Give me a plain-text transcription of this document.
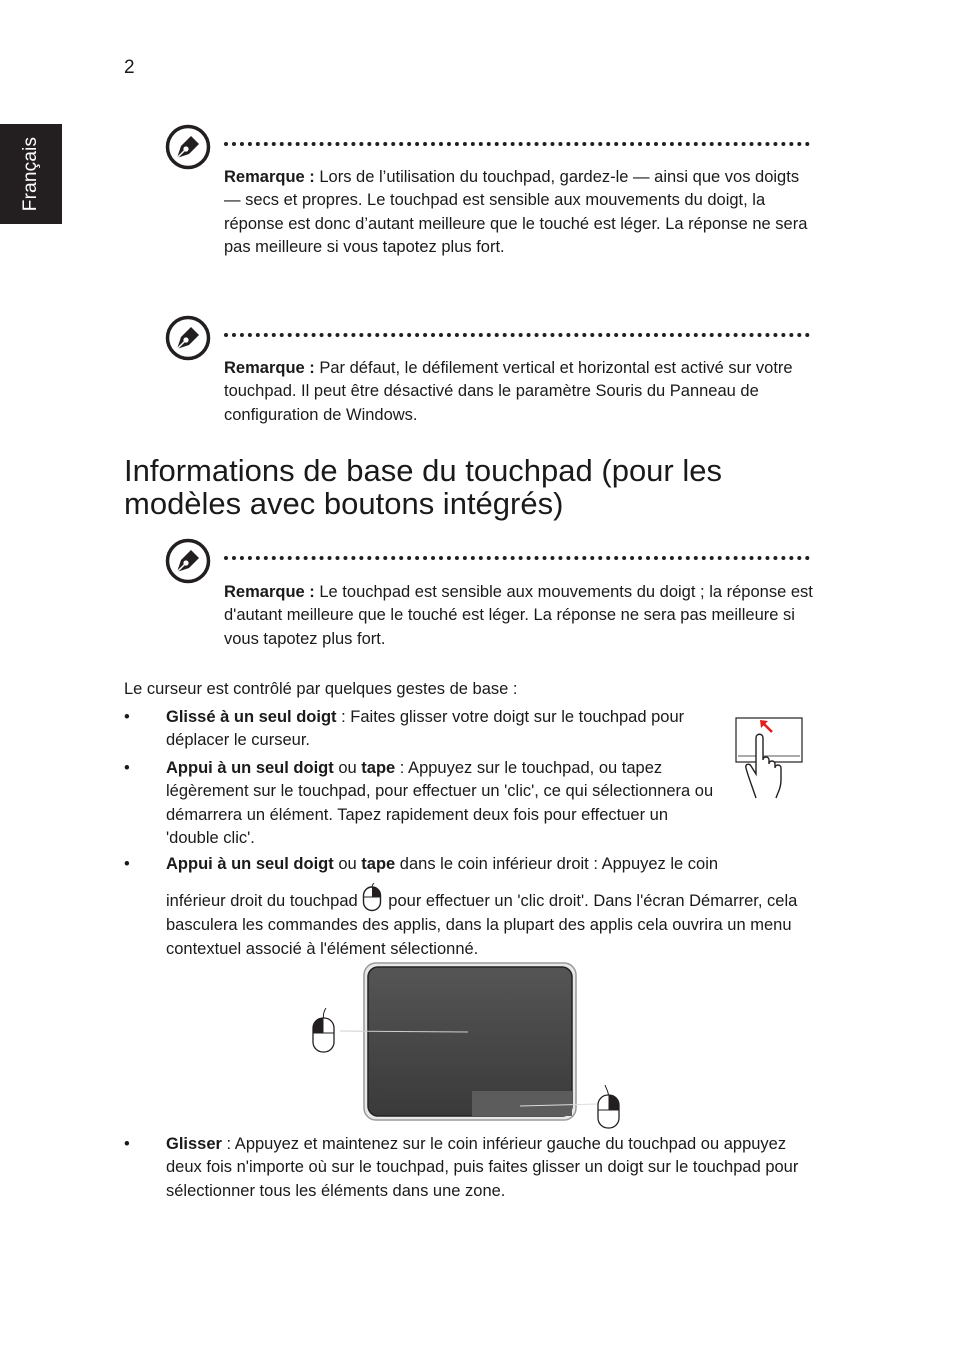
2
Français	Remarque : Lors de l’utilisation du touchpad, gardez-le — ainsi que vos doigts — secs et propres. Le touchpad est sensible aux mouvements du doigt, la réponse est donc d’autant meilleure que le touché est léger. La réponse ne sera pas meilleure si vous tapotez plus fort.
Remarque : Par défaut, le défilement vertical et horizontal est activé sur votre touchpad. Il peut être désactivé dans le paramètre Souris du Panneau de configuration de Windows.
Informations de base du touchpad (pour les modèles avec boutons intégrés)
Remarque : Le touchpad est sensible aux mouvements du doigt ; la réponse est d'autant meilleure que le touché est léger. La réponse ne sera pas meilleure si vous tapotez plus fort.
Le curseur est contrôlé par quelques gestes de base :
• Glissé à un seul doigt : Faites glisser votre doigt sur le touchpad pour déplacer le curseur.
• Appui à un seul doigt ou tape : Appuyez sur le touchpad, ou tapez légèrement sur le touchpad, pour effectuer un 'clic', ce qui sélectionnera ou démarrera un élément. Tapez rapidement deux fois pour effectuer un 'double clic'.
• Appui à un seul doigt ou tape dans le coin inférieur droit : Appuyez le coin
inférieur droit du touchpad pour effectuer un 'clic droit'. Dans l'écran Démarrer, cela basculera les commandes des applis, dans la plupart des applis cela ouvrira un menu contextuel associé à l'élément sélectionné.
• Glisser : Appuyez et maintenez sur le coin inférieur gauche du touchpad ou appuyez deux fois n'importe où sur le touchpad, puis faites glisser un doigt sur le touchpad pour sélectionner tous les éléments dans une zone.
